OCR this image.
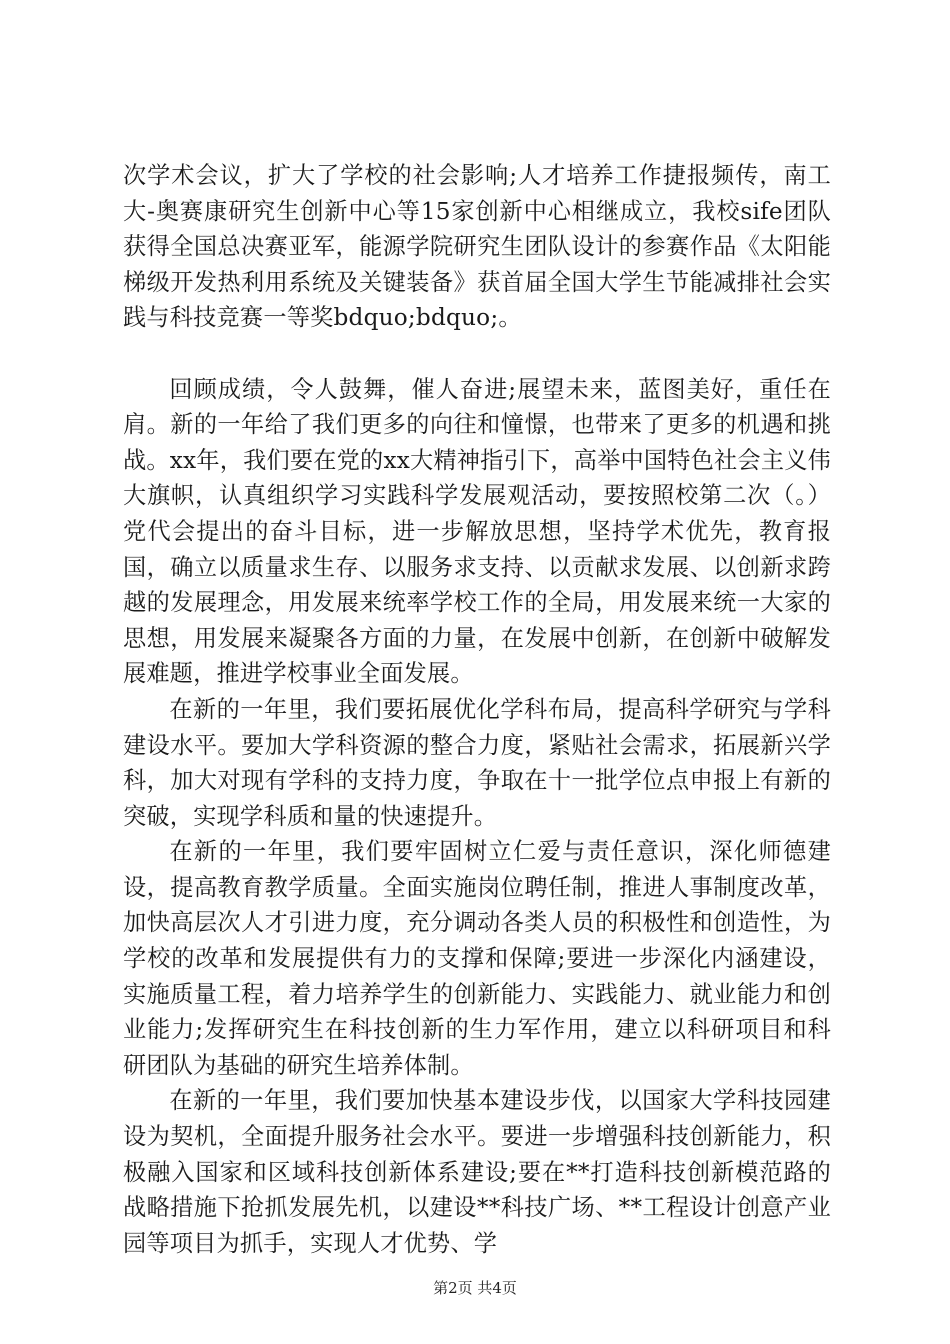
次学术会议，扩大了学校的社会影响;人才培养工作捷报频传，南工大-奥赛康研究生创新中心等15家创新中心相继成立，我校sife团队获得全国总决赛亚军，能源学院研究生团队设计的参赛作品《太阳能梯级开发热利用系统及关键装备》获首届全国大学生节能减排社会实践与科技竞赛一等奖bdquo;bdquo;。

回顾成绩，令人鼓舞，催人奋进;展望未来，蓝图美好，重任在肩。新的一年给了我们更多的向往和憧憬，也带来了更多的机遇和挑战。xx年，我们要在党的xx大精神指引下，高举中国特色社会主义伟大旗帜，认真组织学习实践科学发展观活动，要按照校第二次（。）党代会提出的奋斗目标，进一步解放思想，坚持学术优先，教育报国，确立以质量求生存、以服务求支持、以贡献求发展、以创新求跨越的发展理念，用发展来统率学校工作的全局，用发展来统一大家的思想，用发展来凝聚各方面的力量，在发展中创新，在创新中破解发展难题，推进学校事业全面发展。

在新的一年里，我们要拓展优化学科布局，提高科学研究与学科建设水平。要加大学科资源的整合力度，紧贴社会需求，拓展新兴学科，加大对现有学科的支持力度，争取在十一批学位点申报上有新的突破，实现学科质和量的快速提升。

在新的一年里，我们要牢固树立仁爱与责任意识，深化师德建设，提高教育教学质量。全面实施岗位聘任制，推进人事制度改革，加快高层次人才引进力度，充分调动各类人员的积极性和创造性，为学校的改革和发展提供有力的支撑和保障;要进一步深化内涵建设，实施质量工程，着力培养学生的创新能力、实践能力、就业能力和创业能力;发挥研究生在科技创新的生力军作用，建立以科研项目和科研团队为基础的研究生培养体制。

在新的一年里，我们要加快基本建设步伐，以国家大学科技园建设为契机，全面提升服务社会水平。要进一步增强科技创新能力，积极融入国家和区域科技创新体系建设;要在**打造科技创新模范路的战略措施下抢抓发展先机，以建设**科技广场、**工程设计创意产业园等项目为抓手，实现人才优势、学

第2页 共4页
